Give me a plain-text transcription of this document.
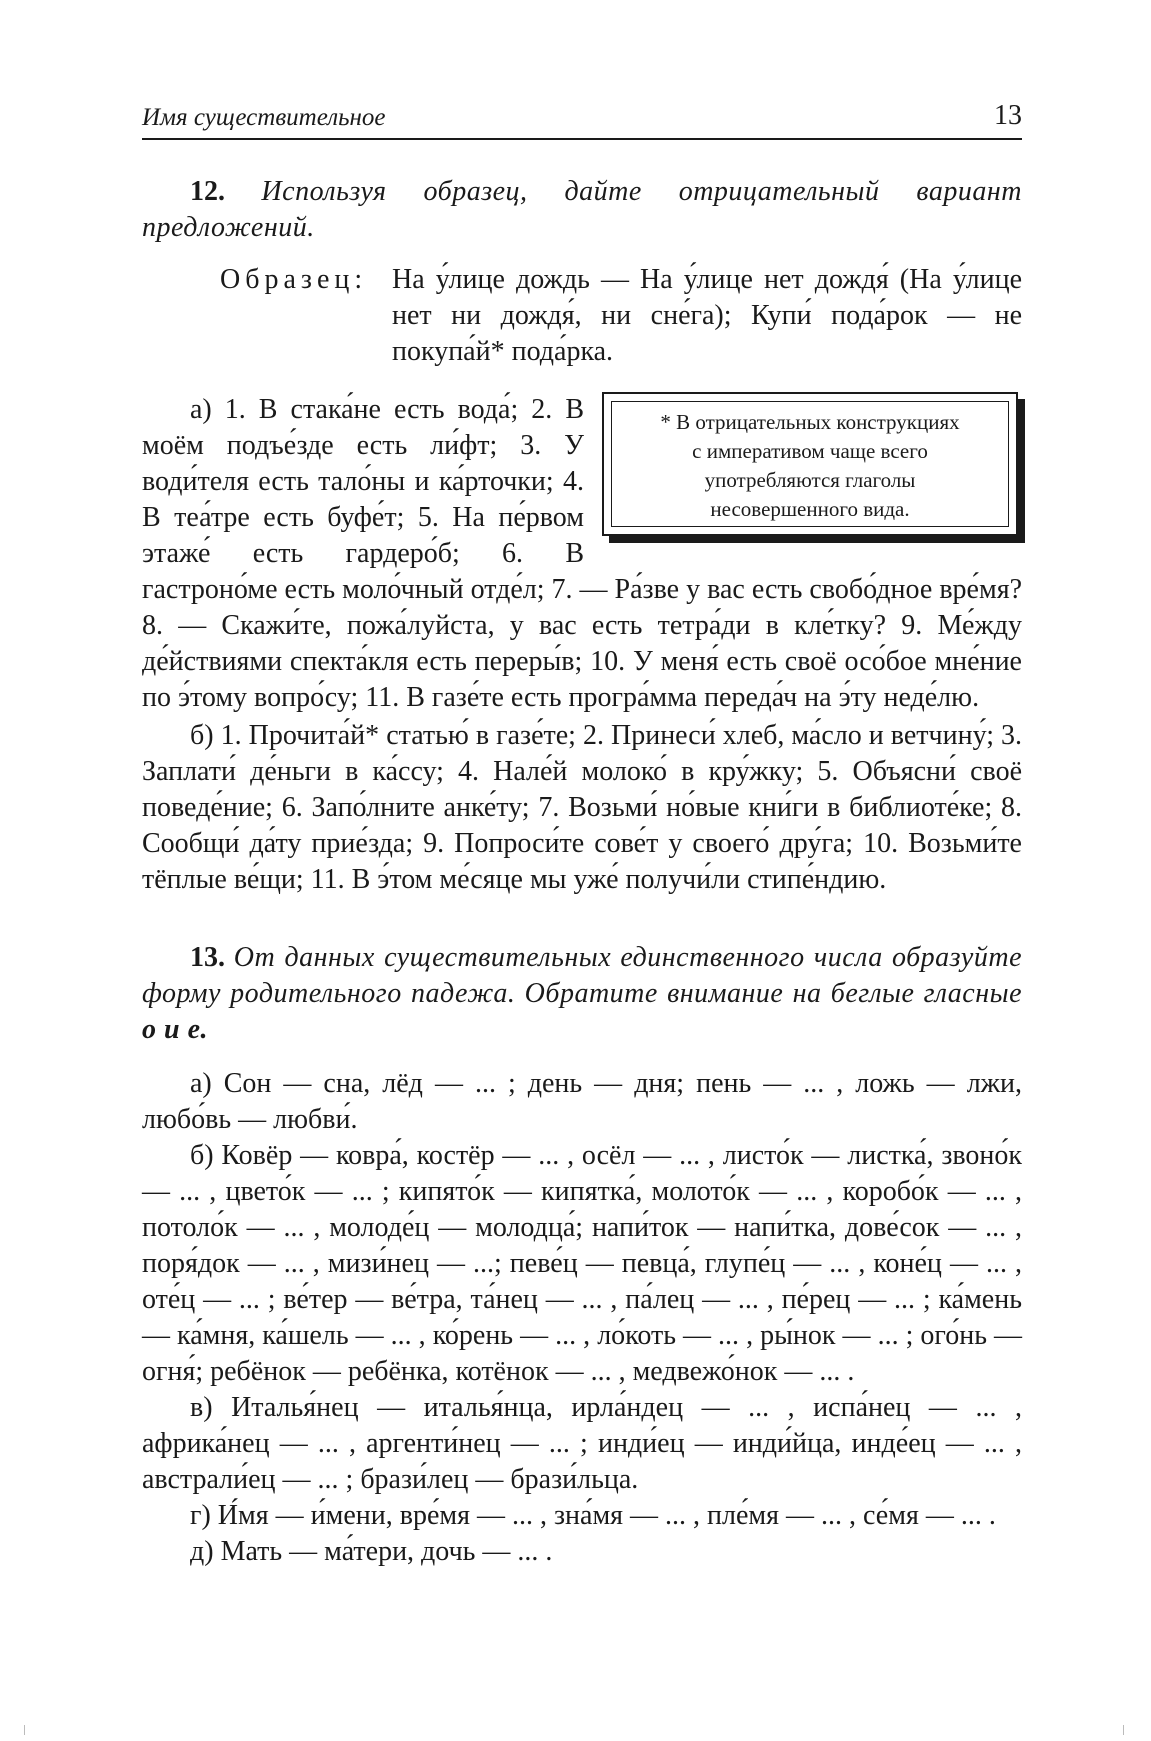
Имя существительное	13

12. Используя образец, дайте отрицательный вариант предложений.

Образец: На у́лице дождь — На у́лице нет дождя́ (На у́лице нет ни дождя́, ни сне́га); Купи́ пода́рок — не покупа́й* пода́рка.
* В отрицательных конструкциях
с императивом чаще всего
употребляются глаголы
несовершенного вида.

а) 1. В стака́не есть вода́; 2. В моём подъе́зде есть ли́фт; 3. У води́теля есть тало́ны и ка́рточки; 4. В теа́тре есть буфе́т; 5. На пе́рвом этаже́ есть гардеро́б; 6. В гастроно́ме есть моло́чный отде́л; 7. — Ра́зве у вас есть свобо́дное вре́мя? 8. — Скажи́те, пожа́луйста, у вас есть тетра́ди в кле́тку? 9. Ме́жду де́йствиями спекта́кля есть переры́в; 10. У меня́ есть своё осо́бое мне́ние по э́тому вопро́су; 11. В газе́те есть програ́мма переда́ч на э́ту неде́лю.

б) 1. Прочита́й* статью́ в газе́те; 2. Принеси́ хлеб, ма́сло и ветчину́; 3. Заплати́ де́ньги в ка́ссу; 4. Нале́й молоко́ в кру́жку; 5. Объясни́ своё поведе́ние; 6. Запо́лните анке́ту; 7. Возьми́ но́вые кни́ги в библиоте́ке; 8. Сообщи́ да́ту прие́зда; 9. Попроси́те сове́т у своего́ дру́га; 10. Возьми́те тёплые ве́щи; 11. В э́том ме́сяце мы уже́ получи́ли стипе́ндию.

13. От данных существительных единственного числа образуйте форму родительного падежа. Обратите внимание на беглые гласные о и е.

а) Сон — сна, лёд — ... ; день — дня; пень — ... , ложь — лжи, любо́вь — любви́.

б) Ковёр — ковра́, костёр — ... , осёл — ... , листо́к — листка́, звоно́к — ... , цвето́к — ... ; кипято́к — кипятка́, молото́к — ... , коробо́к — ... , потоло́к — ... , молоде́ц — молодца́; напи́ток — напи́тка, дове́сок — ... , поря́док — ... , мизи́нец — ...; певе́ц — певца́, глупе́ц — ... , коне́ц — ... , оте́ц — ... ; ве́тер — ве́тра, та́нец — ... , па́лец — ... , пе́рец — ... ; ка́мень — ка́мня, ка́шель — ... , ко́рень — ... , ло́коть — ... , ры́нок — ... ; ого́нь — огня́; ребёнок — ребёнка, котёнок — ... , медвежо́нок — ... .

в) Италья́нец — италья́нца, ирла́ндец — ... , испа́нец — ... , африка́нец — ... , аргенти́нец — ... ; инди́ец — инди́йца, инде́ец — ... , австрали́ец — ... ; брази́лец — брази́льца.

г) И́мя — и́мени, вре́мя — ... , зна́мя — ... , пле́мя — ... , се́мя — ... .

д) Мать — ма́тери, дочь — ... .
